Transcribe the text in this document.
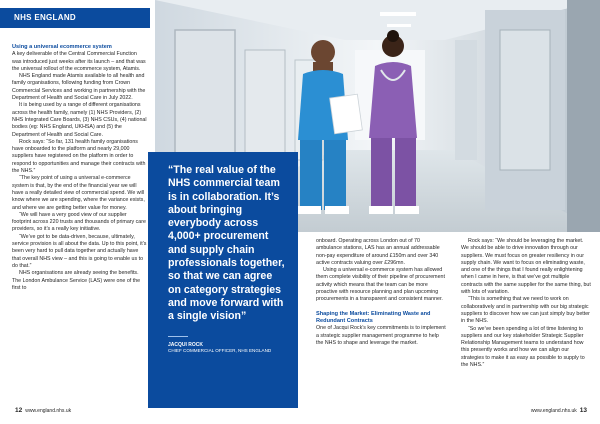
NHS ENGLAND
Using a universal ecommerce system

A key deliverable of the Central Commercial Function was introduced just weeks after its launch – and that was the universal rollout of the ecommerce system, Atamis.

NHS England made Atamis available to all health and family organisations, following funding from Crown Commercial Services and working in partnership with the Department of Health and Social Care in July 2022.

It is being used by a range of different organisations across the health family, namely (1) NHS Providers, (2) NHS Integrated Care Boards, (3) NHS CSUs, (4) national bodies (eg: NHS England, UKHSA) and (5) the Department of Health and Social Care.

Rock says: “So far, 131 health family organisations have onboarded to the platform and nearly 29,000 suppliers have registered on the platform in order to respond to opportunities and manage their contracts with the NHS.”

“The key point of using a universal e-commerce system is that, by the end of the financial year we will have a really detailed view of commercial spend. We will know where we are spending, where the variance exists, and where we are getting better value for money.

“We will have a very good view of our supplier footprint across 220 trusts and thousands of primary care providers, so it’s a really key initiative.

“We’ve got to be data-driven, because, ultimately, service provision is all about the data. Up to this point, it’s been very hard to pull data together and actually have that overall NHS view – and this is going to enable us to do that.”

NHS organisations are already seeing the benefits. The London Ambulance Service (LAS) were one of the first to

“The real value of the NHS commercial team is in collaboration. It’s about bringing everybody across 4,000+ procurement and supply chain professionals together, so that we can agree on category strategies and move forward with a single vision”
JACQUI ROCK
CHIEF COMMERCIAL OFFICER, NHS ENGLAND

onboard. Operating across London out of 70 ambulance stations, LAS has an annual addressable non-pay expenditure of around £150m and over 340 active contracts valuing over £296mn.

Using a universal e-commerce system has allowed them complete visibility of their pipeline of procurement activity which means that the team can be more proactive with resource planning and plan upcoming procurements in a transparent and consistent manner.

Shaping the Market: Eliminating Waste and Redundant Contracts

One of Jacqui Rock’s key commitments is to implement a strategic supplier management programme to help the NHS to shape and leverage the market.

Rock says: “We should be leveraging the market. We should be able to drive innovation through our suppliers. We must focus on greater resiliency in our supply chain. We want to focus on eliminating waste, and one of the things that I found really enlightening when I came in here, is that we’ve got multiple contracts with the same supplier for the same thing, but with lots of variation.

“This is something that we need to work on collaboratively and in partnership with our big strategic suppliers to discover how we can just simply buy better in the NHS.

“So we’ve been spending a lot of time listening to suppliers and our key stakeholder Strategic Supplier Relationship Management teams to understand how this presently works and how we can align our strategies to make it as easy as possible to supply to the NHS.”

12 www.england.nhs.uk	www.england.nhs.uk 13
